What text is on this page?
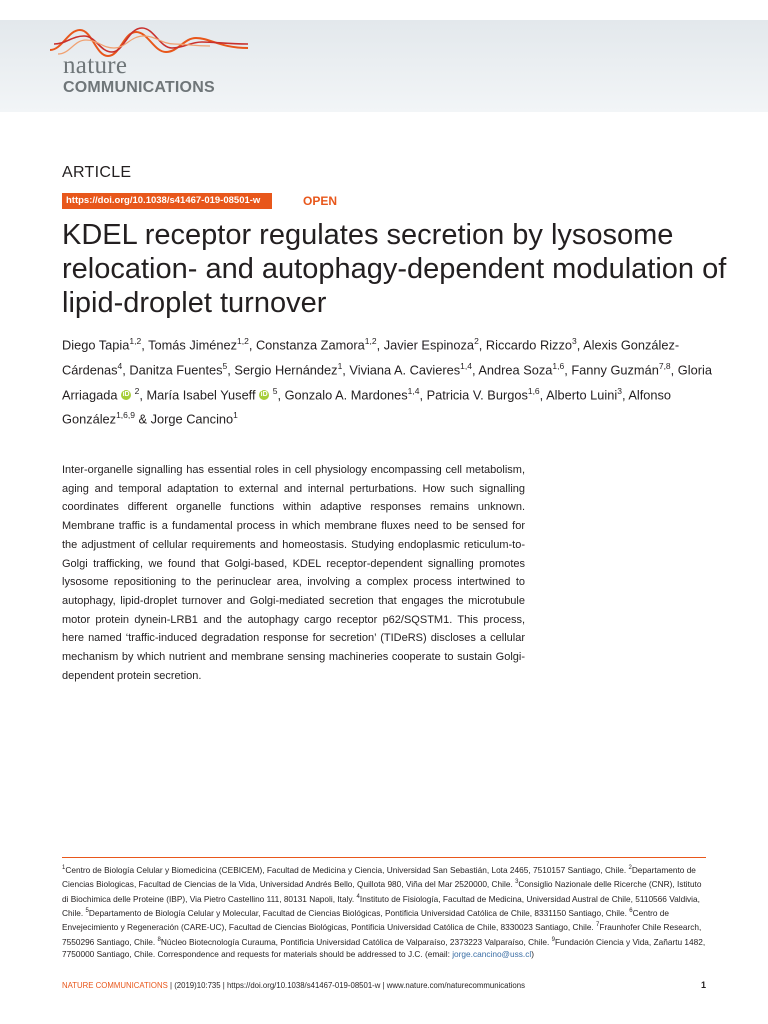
nature
COMMUNICATIONS
ARTICLE
https://doi.org/10.1038/s41467-019-08501-w	OPEN
KDEL receptor regulates secretion by lysosome relocation- and autophagy-dependent modulation of lipid-droplet turnover
Diego Tapia$^{1,2}$, Tomás Jiménez$^{1,2}$, Constanza Zamora$^{1,2}$, Javier Espinoza$^2$, Riccardo Rizzo$^3$, Alexis González-Cárdenas$^4$, Danitza Fuentes$^5$, Sergio Hernández$^1$, Viviana A. Cavieres$^{1,4}$, Andrea Soza$^{1,6}$, Fanny Guzmán$^{7,8}$, Gloria Arriagada iD $^2$, María Isabel Yuseff iD $^5$, Gonzalo A. Mardones$^{1,4}$, Patricia V. Burgos$^{1,6}$, Alberto Luini$^3$, Alfonso González$^{1,6,9}$ & Jorge Cancino$^1$

Inter-organelle signalling has essential roles in cell physiology encompassing cell metabolism, aging and temporal adaptation to external and internal perturbations. How such signalling coordinates different organelle functions within adaptive responses remains unknown. Membrane traffic is a fundamental process in which membrane fluxes need to be sensed for the adjustment of cellular requirements and homeostasis. Studying endoplasmic reticulum-to-Golgi trafficking, we found that Golgi-based, KDEL receptor-dependent signalling promotes lysosome repositioning to the perinuclear area, involving a complex process intertwined to autophagy, lipid-droplet turnover and Golgi-mediated secretion that engages the microtubule motor protein dynein-LRB1 and the autophagy cargo receptor p62/SQSTM1. This process, here named ‘traffic-induced degradation response for secretion’ (TIDeRS) discloses a cellular mechanism by which nutrient and membrane sensing machineries cooperate to sustain Golgi-dependent protein secretion.

$^1$Centro de Biología Celular y Biomedicina (CEBICEM), Facultad de Medicina y Ciencia, Universidad San Sebastián, Lota 2465, 7510157 Santiago, Chile. $^2$Departamento de Ciencias Biologicas, Facultad de Ciencias de la Vida, Universidad Andrés Bello, Quillota 980, Viña del Mar 2520000, Chile. $^3$Consiglio Nazionale delle Ricerche (CNR), Istituto di Biochimica delle Proteine (IBP), Via Pietro Castellino 111, 80131 Napoli, Italy. $^4$Instituto de Fisiología, Facultad de Medicina, Universidad Austral de Chile, 5110566 Valdivia, Chile. $^5$Departamento de Biología Celular y Molecular, Facultad de Ciencias Biológicas, Pontificia Universidad Católica de Chile, 8331150 Santiago, Chile. $^6$Centro de Envejecimiento y Regeneración (CARE-UC), Facultad de Ciencias Biológicas, Pontificia Universidad Católica de Chile, 8330023 Santiago, Chile. $^7$Fraunhofer Chile Research, 7550296 Santiago, Chile. $^8$Núcleo Biotecnología Curauma, Pontificia Universidad Católica de Valparaíso, 2373223 Valparaíso, Chile. $^9$Fundación Ciencia y Vida, Zañartu 1482, 7750000 Santiago, Chile. Correspondence and requests for materials should be addressed to J.C. (email: jorge.cancino@uss.cl)

NATURE COMMUNICATIONS | (2019)10:735 | https://doi.org/10.1038/s41467-019-08501-w | www.nature.com/naturecommunications	1
